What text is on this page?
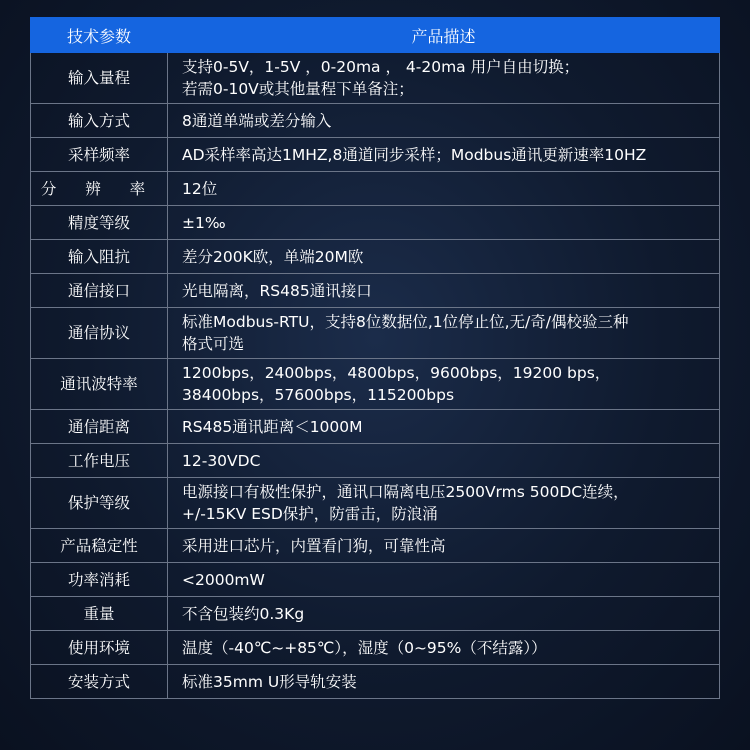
技术参数	产品描述
输入量程	支持0-5V，1-5V ，0-20ma ， 4-20ma 用户自由切换；
若需0-10V或其他量程下单备注；

输入方式	8通道单端或差分输入

采样频率	AD采样率高达1MHZ,8通道同步采样；Modbus通讯更新速率10HZ

分 辨 率	12位

精度等级	±1‰

输入阻抗	差分200K欧，单端20M欧

通信接口	光电隔离，RS485通讯接口

通信协议	标准Modbus-RTU，支持8位数据位,1位停止位,无/奇/偶校验三种
格式可选

通讯波特率	1200bps，2400bps，4800bps，9600bps，19200 bps，
38400bps，57600bps，115200bps

通信距离	RS485通讯距离＜1000M

工作电压	12-30VDC

保护等级	电源接口有极性保护，通讯口隔离电压2500Vrms 500DC连续，
+/-15KV ESD保护，防雷击，防浪涌

产品稳定性	采用进口芯片，内置看门狗，可靠性高

功率消耗	<2000mW

重量	不含包装约0.3Kg

使用环境	温度（-40℃~+85℃），湿度（0~95%（不结露））

安装方式	标准35mm U形导轨安装
